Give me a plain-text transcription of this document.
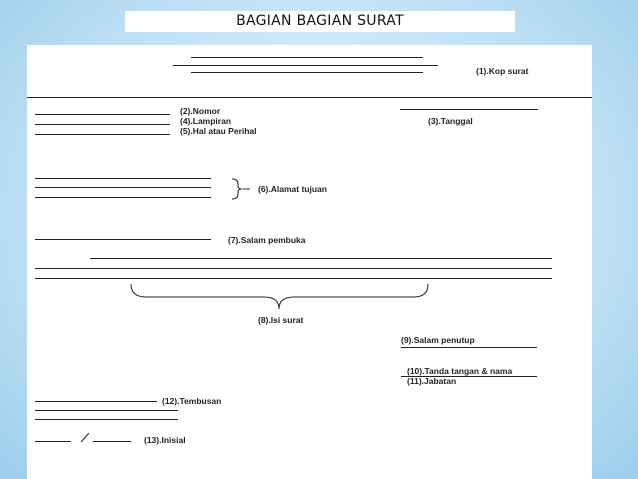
BAGIAN BAGIAN SURAT
(1).Kop surat
(2).Nomor
(4).Lampiran
(5).Hal atau Perihal
(3).Tanggal
(6).Alamat tujuan
(7).Salam pembuka
(8).Isi surat
(9).Salam penutup
(10).Tanda tangan & nama
(11).Jabatan
(12).Tembusan
(13).Inisial
